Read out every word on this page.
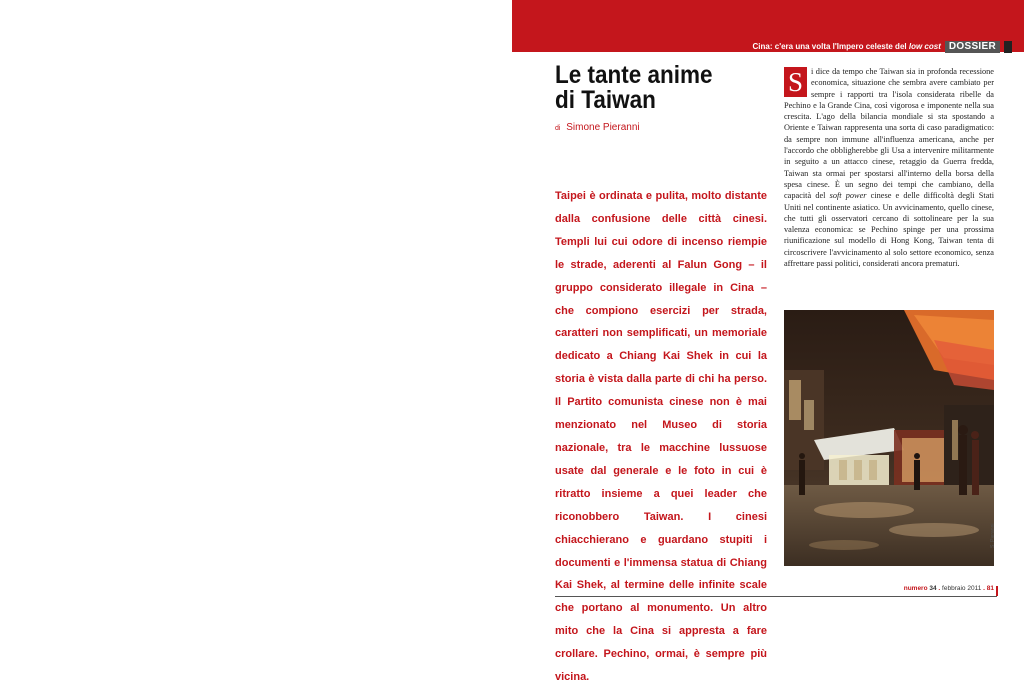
Cina: c'era una volta l'Impero celeste del low cost DOSSIER
Le tante anime
di Taiwan
di Simone Pieranni
Taipei è ordinata e pulita, molto distante dalla confusione delle città cinesi. Templi lui cui odore di incenso riempie le strade, aderenti al Falun Gong – il gruppo considerato illegale in Cina – che compiono esercizi per strada, caratteri non semplificati, un memoriale dedicato a Chiang Kai Shek in cui la storia è vista dalla parte di chi ha perso. Il Partito comunista cinese non è mai menzionato nel Museo di storia nazionale, tra le macchine lussuose usate dal generale e le foto in cui è ritratto insieme a quei leader che riconobbero Taiwan. I cinesi chiacchierano e guardano stupiti i documenti e l'immensa statua di Chiang Kai Shek, al termine delle infinite scale che portano al monumento. Un altro mito che la Cina si appresta a fare crollare. Pechino, ormai, è sempre più vicina.
S i dice da tempo che Taiwan sia in profonda recessione economica, situazione che sembra avere cambiato per sempre i rapporti tra l'isola considerata ribelle da Pechino e la Grande Cina, così vigorosa e imponente nella sua crescita. L'ago della bilancia mondiale si sta spostando a Oriente e Taiwan rappresenta una sorta di caso paradigmatico: da sempre non immune all'influenza americana, anche per l'accordo che obbligherebbe gli Usa a intervenire militarmente in seguito a un attacco cinese, retaggio da Guerra fredda, Taiwan sta ormai per spostarsi all'interno della borsa della spesa cinese. È un segno dei tempi che cambiano, della capacità del soft power cinese e delle difficoltà degli Stati Uniti nel continente asiatico. Un avvicinamento, quello cinese, che tutti gli osservatori cercano di sottolineare per la sua valenza economica: se Pechino spinge per una prossima riunificazione sul modello di Hong Kong, Taiwan tenta di circoscrivere l'avvicinamento al solo settore economico, senza affrettare passi politici, considerati ancora prematuri.
S. Pieranni
numero 34 . febbraio 2011 . 81
